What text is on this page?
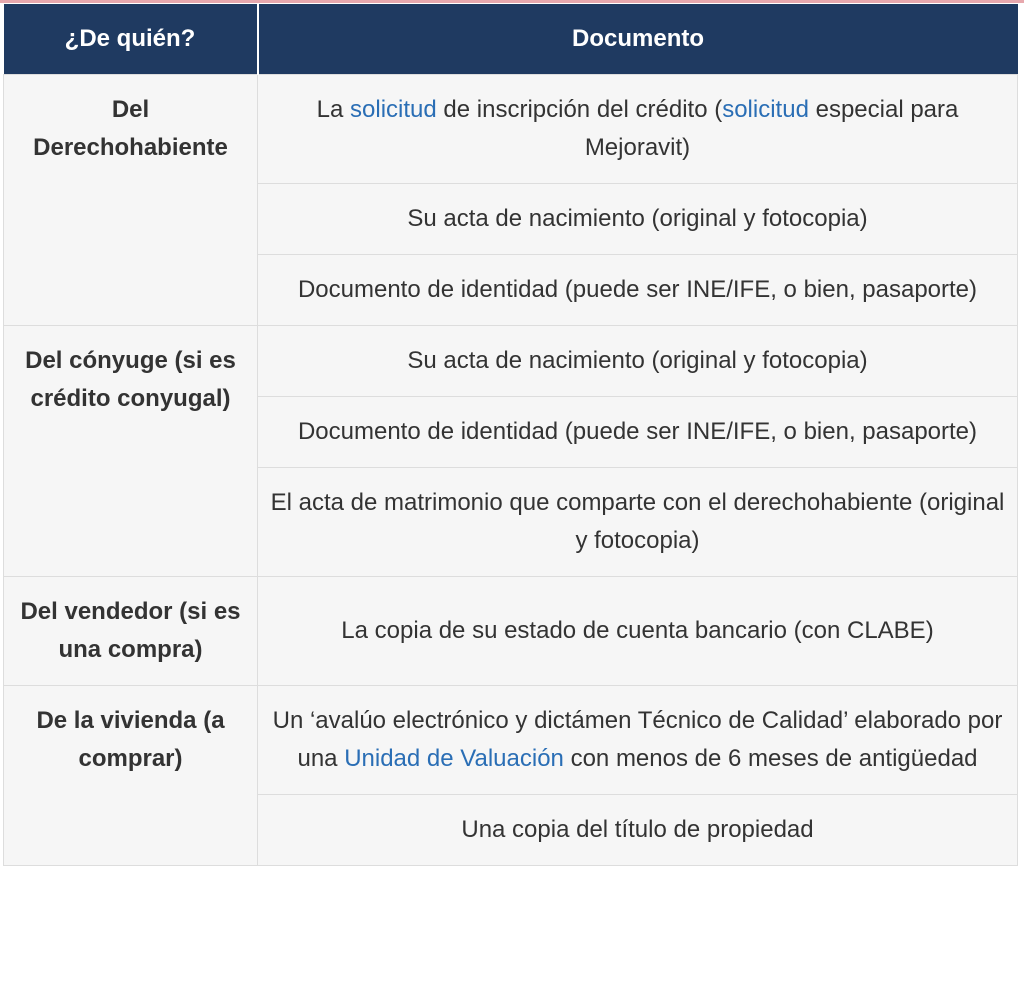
¿De quién?	Documento
Del Derechohabiente	La solicitud de inscripción del crédito (solicitud especial para Mejoravit)
	Su acta de nacimiento (original y fotocopia)
	Documento de identidad (puede ser INE/IFE, o bien, pasaporte)
Del cónyuge (si es crédito conyugal)	Su acta de nacimiento (original y fotocopia)
	Documento de identidad (puede ser INE/IFE, o bien, pasaporte)
	El acta de matrimonio que comparte con el derechohabiente (original y fotocopia)
Del vendedor (si es una compra)	La copia de su estado de cuenta bancario (con CLABE)
De la vivienda (a comprar)	Un ‘avalúo electrónico y dictámen Técnico de Calidad’ elaborado por una Unidad de Valuación con menos de 6 meses de antigüedad
	Una copia del título de propiedad
